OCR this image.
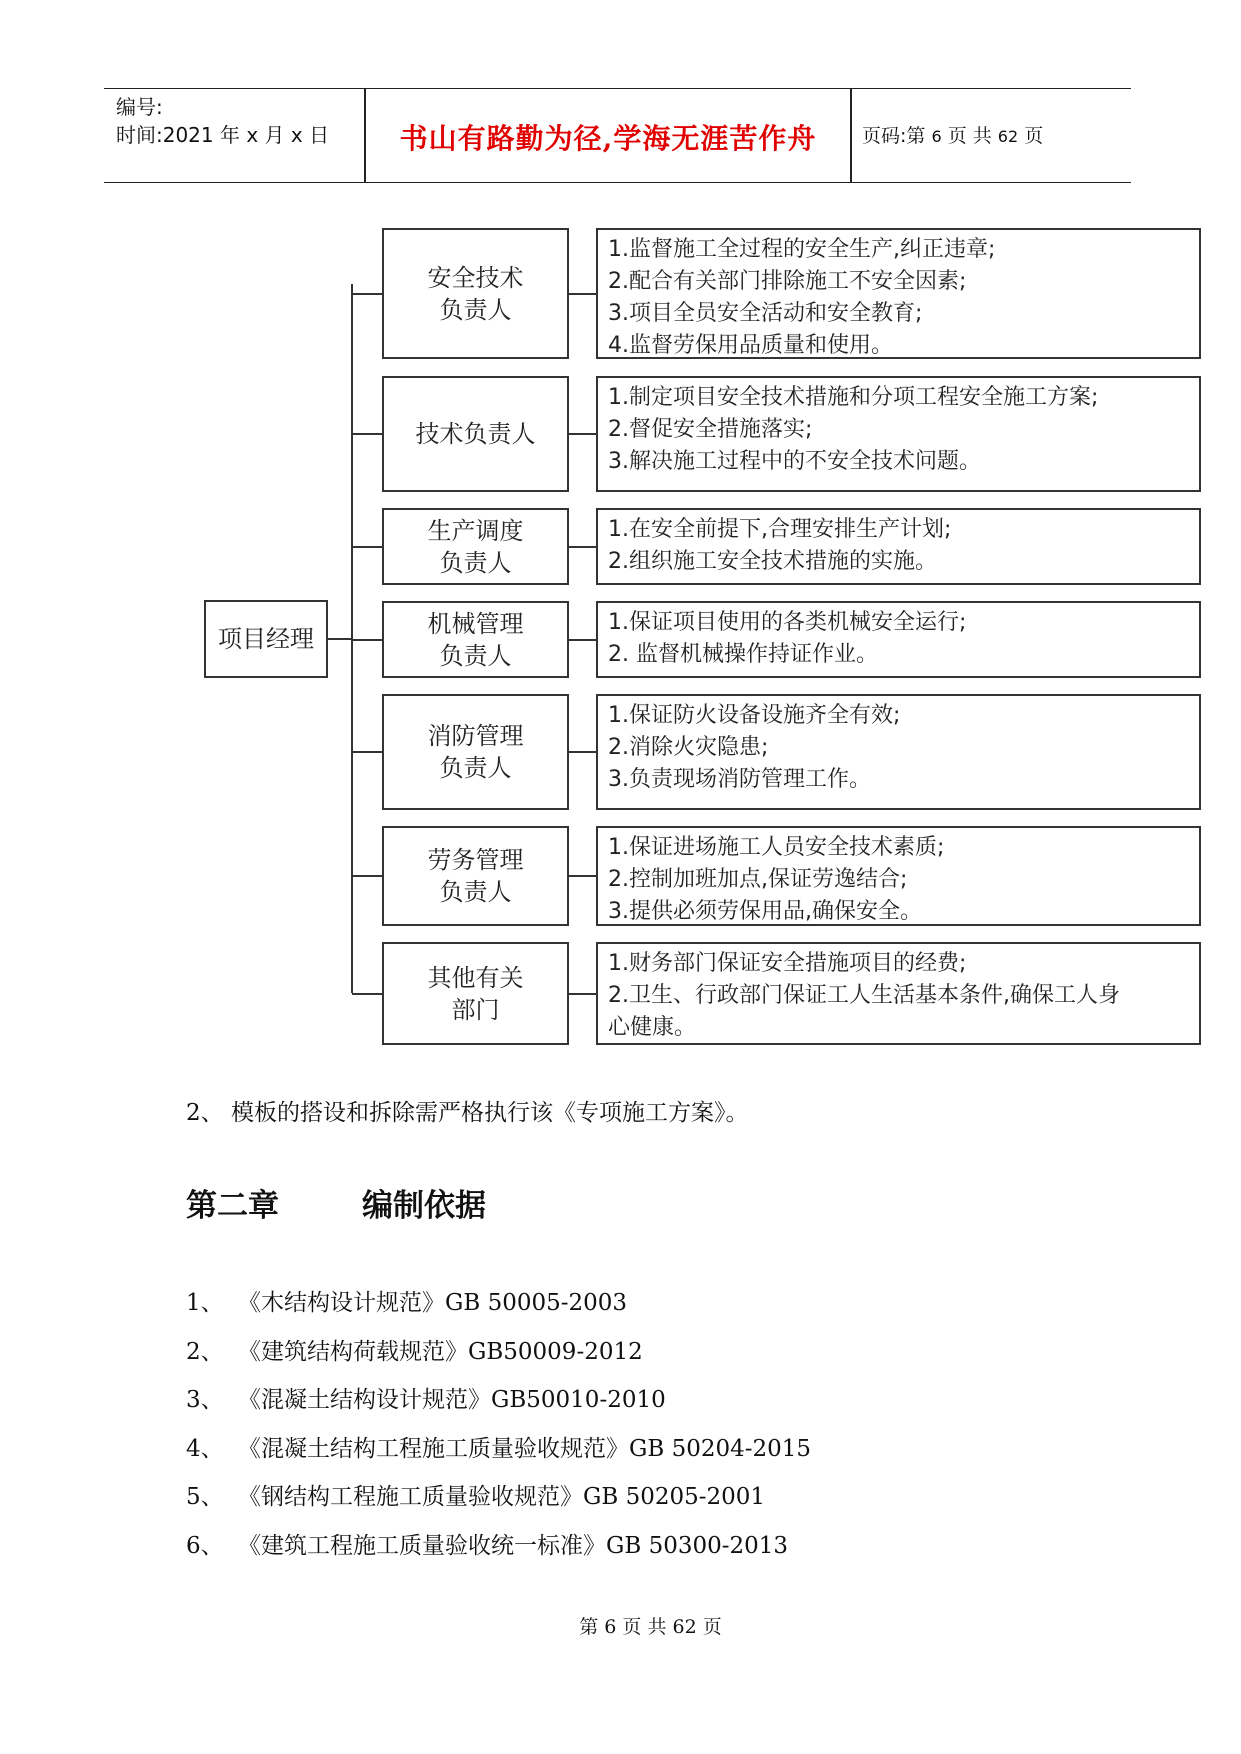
编号:
时间:2021 年 x 月 x 日	书山有路勤为径,学海无涯苦作舟	页码:第 6 页 共 62 页
项目经理
安全技术
负责人
1.监督施工全过程的安全生产,纠正违章;
2.配合有关部门排除施工不安全因素;
3.项目全员安全活动和安全教育;
4.监督劳保用品质量和使用。
技术负责人
1.制定项目安全技术措施和分项工程安全施工方案;
2.督促安全措施落实;
3.解决施工过程中的不安全技术问题。
生产调度
负责人
1.在安全前提下,合理安排生产计划;
2.组织施工安全技术措施的实施。
机械管理
负责人
1.保证项目使用的各类机械安全运行;
2. 监督机械操作持证作业。
消防管理
负责人
1.保证防火设备设施齐全有效;
2.消除火灾隐患;
3.负责现场消防管理工作。
劳务管理
负责人
1.保证进场施工人员安全技术素质;
2.控制加班加点,保证劳逸结合;
3.提供必须劳保用品,确保安全。
其他有关
部门
1.财务部门保证安全措施项目的经费;
2.卫生、行政部门保证工人生活基本条件,确保工人身
心健康。
2、 模板的搭设和拆除需严格执行该《专项施工方案》。
第二章	编制依据
1、 《木结构设计规范》GB 50005-2003
2、 《建筑结构荷载规范》GB50009-2012
3、 《混凝土结构设计规范》GB50010-2010
4、 《混凝土结构工程施工质量验收规范》GB 50204-2015
5、 《钢结构工程施工质量验收规范》GB 50205-2001
6、 《建筑工程施工质量验收统一标准》GB 50300-2013
第 6 页 共 62 页
